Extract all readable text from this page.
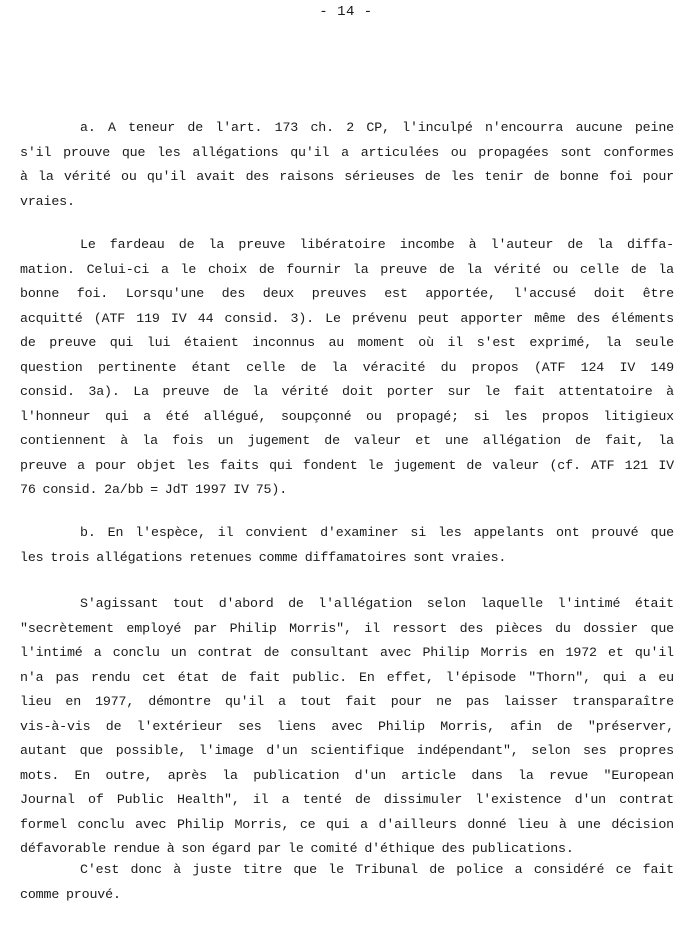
- 14 -
a. A teneur de l'art. 173 ch. 2 CP, l'inculpé n'encourra aucune peine
s'il prouve que les allégations qu'il a articulées ou propagées sont conformes
à la vérité ou qu'il avait des raisons sérieuses de les tenir de bonne foi pour
vraies.
Le fardeau de la preuve libératoire incombe à l'auteur de la diffa-
mation. Celui-ci a le choix de fournir la preuve de la vérité ou celle de la
bonne foi. Lorsqu'une des deux preuves est apportée, l'accusé doit être
acquitté (ATF 119 IV 44 consid. 3). Le prévenu peut apporter même des éléments
de preuve qui lui étaient inconnus au moment où il s'est exprimé, la seule
question pertinente étant celle de la véracité du propos (ATF 124 IV 149
consid. 3a). La preuve de la vérité doit porter sur le fait attentatoire à
l'honneur qui a été allégué, soupçonné ou propagé; si les propos litigieux
contiennent à la fois un jugement de valeur et une allégation de fait, la
preuve a pour objet les faits qui fondent le jugement de valeur (cf. ATF 121 IV
76 consid. 2a/bb = JdT 1997 IV 75).
b. En l'espèce, il convient d'examiner si les appelants ont prouvé que
les trois allégations retenues comme diffamatoires sont vraies.
S'agissant tout d'abord de l'allégation selon laquelle l'intimé était
"secrètement employé par Philip Morris", il ressort des pièces du dossier que
l'intimé a conclu un contrat de consultant avec Philip Morris en 1972 et qu'il
n'a pas rendu cet état de fait public. En effet, l'épisode "Thorn", qui a eu
lieu en 1977, démontre qu'il a tout fait pour ne pas laisser transparaître
vis-à-vis de l'extérieur ses liens avec Philip Morris, afin de "préserver,
autant que possible, l'image d'un scientifique indépendant", selon ses propres
mots. En outre, après la publication d'un article dans la revue "European
Journal of Public Health", il a tenté de dissimuler l'existence d'un contrat
formel conclu avec Philip Morris, ce qui a d'ailleurs donné lieu à une décision
défavorable rendue à son égard par le comité d'éthique des publications.
C'est donc à juste titre que le Tribunal de police a considéré ce fait
comme prouvé.
